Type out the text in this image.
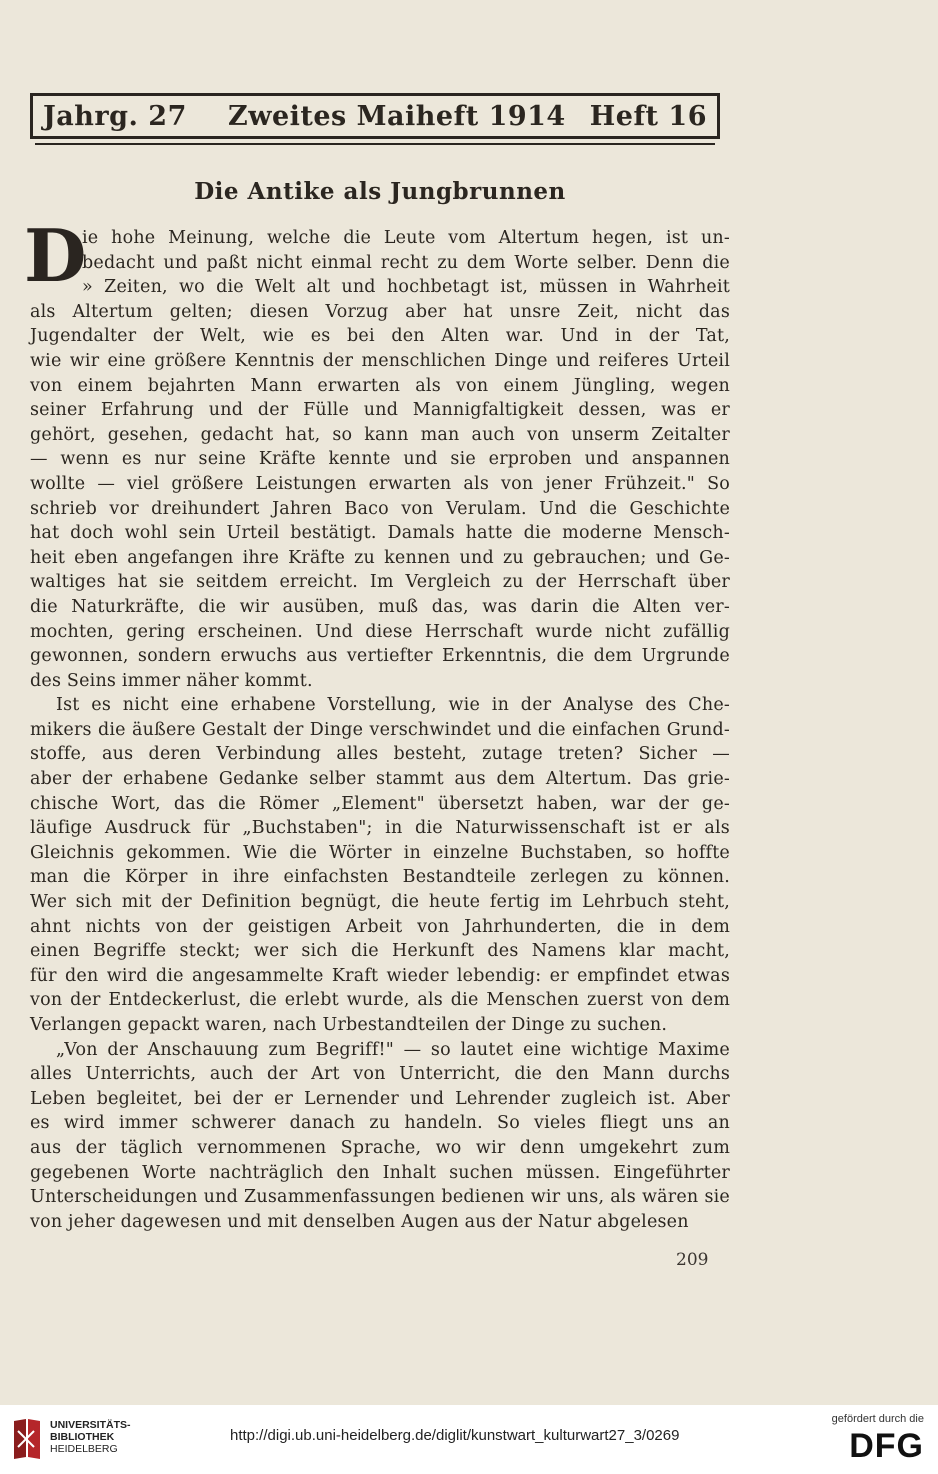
Jahrg. 27 Zweites Maiheft 1914 Heft 16
Die Antike als Jungbrunnen
D
ie hohe Meinung, welche die Leute vom Altertum hegen, ist un-
bedacht und paßt nicht einmal recht zu dem Worte selber. Denn die
» Zeiten, wo die Welt alt und hochbetagt ist, müssen in Wahrheit
als Altertum gelten; diesen Vorzug aber hat unsre Zeit, nicht das
Jugendalter der Welt, wie es bei den Alten war. Und in der Tat,
wie wir eine größere Kenntnis der menschlichen Dinge und reiferes Urteil
von einem bejahrten Mann erwarten als von einem Jüngling, wegen
seiner Erfahrung und der Fülle und Mannigfaltigkeit dessen, was er
gehört, gesehen, gedacht hat, so kann man auch von unserm Zeitalter
— wenn es nur seine Kräfte kennte und sie erproben und anspannen
wollte — viel größere Leistungen erwarten als von jener Frühzeit." So
schrieb vor dreihundert Jahren Baco von Verulam. Und die Geschichte
hat doch wohl sein Urteil bestätigt. Damals hatte die moderne Mensch-
heit eben angefangen ihre Kräfte zu kennen und zu gebrauchen; und Ge-
waltiges hat sie seitdem erreicht. Im Vergleich zu der Herrschaft über
die Naturkräfte, die wir ausüben, muß das, was darin die Alten ver-
mochten, gering erscheinen. Und diese Herrschaft wurde nicht zufällig
gewonnen, sondern erwuchs aus vertiefter Erkenntnis, die dem Urgrunde
des Seins immer näher kommt.
Ist es nicht eine erhabene Vorstellung, wie in der Analyse des Che-
mikers die äußere Gestalt der Dinge verschwindet und die einfachen Grund-
stoffe, aus deren Verbindung alles besteht, zutage treten? Sicher —
aber der erhabene Gedanke selber stammt aus dem Altertum. Das grie-
chische Wort, das die Römer „Element" übersetzt haben, war der ge-
läufige Ausdruck für „Buchstaben"; in die Naturwissenschaft ist er als
Gleichnis gekommen. Wie die Wörter in einzelne Buchstaben, so hoffte
man die Körper in ihre einfachsten Bestandteile zerlegen zu können.
Wer sich mit der Definition begnügt, die heute fertig im Lehrbuch steht,
ahnt nichts von der geistigen Arbeit von Jahrhunderten, die in dem
einen Begriffe steckt; wer sich die Herkunft des Namens klar macht,
für den wird die angesammelte Kraft wieder lebendig: er empfindet etwas
von der Entdeckerlust, die erlebt wurde, als die Menschen zuerst von dem
Verlangen gepackt waren, nach Urbestandteilen der Dinge zu suchen.
„Von der Anschauung zum Begriff!" — so lautet eine wichtige Maxime
alles Unterrichts, auch der Art von Unterricht, die den Mann durchs
Leben begleitet, bei der er Lernender und Lehrender zugleich ist. Aber
es wird immer schwerer danach zu handeln. So vieles fliegt uns an
aus der täglich vernommenen Sprache, wo wir denn umgekehrt zum
gegebenen Worte nachträglich den Inhalt suchen müssen. Eingeführter
Unterscheidungen und Zusammenfassungen bedienen wir uns, als wären sie
von jeher dagewesen und mit denselben Augen aus der Natur abgelesen
209
UNIVERSITÄTS-
BIBLIOTHEK
HEIDELBERG
http://digi.ub.uni-heidelberg.de/diglit/kunstwart_kulturwart27_3/0269
gefördert durch die
DFG
